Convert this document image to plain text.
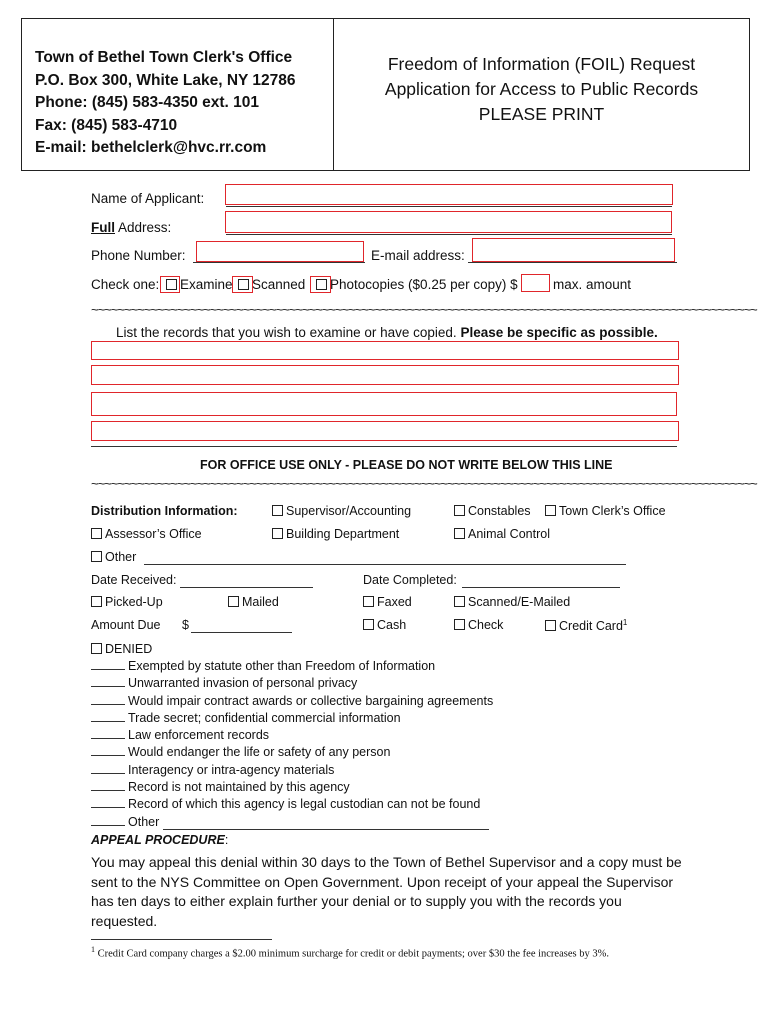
Town of Bethel Town Clerk's Office
P.O. Box 300, White Lake, NY 12786
Phone: (845) 583-4350 ext. 101
Fax: (845) 583-4710
E-mail: bethelclerk@hvc.rr.com
Freedom of Information (FOIL) Request
Application for Access to Public Records
PLEASE PRINT
Name of Applicant:
Full Address:
Phone Number:	E-mail address:
Check one:	Examine	Scanned	Photocopies ($0.25 per copy) $	max. amount
~~~~~~~~~~~~~~~~~~~~~~~~~~~~~~~~~~~~~~~~~~~~~~~~~~~~~~~~~~~~~~~~~~~~~~~~~~~~~~~~~~~~~~~~~~~~~~~~~~~~~
List the records that you wish to examine or have copied. Please be specific as possible.
FOR OFFICE USE ONLY - PLEASE DO NOT WRITE BELOW THIS LINE
~~~~~~~~~~~~~~~~~~~~~~~~~~~~~~~~~~~~~~~~~~~~~~~~~~~~~~~~~~~~~~~~~~~~~~~~~~~~~~~~~~~~~~~~~~~~~~~~~~~~~
Distribution Information:	Supervisor/Accounting	Constables	Town Clerk’s Office
Assessor’s Office	Building Department	Animal Control
Other
Date Received:	Date Completed:
Picked-Up	Mailed	Faxed	Scanned/E-Mailed
Amount Due $	Cash	Check	Credit Card$^1$
DENIED
Exempted by statute other than Freedom of Information
Unwarranted invasion of personal privacy
Would impair contract awards or collective bargaining agreements
Trade secret; confidential commercial information
Law enforcement records
Would endanger the life or safety of any person
Interagency or intra-agency materials
Record is not maintained by this agency
Record of which this agency is legal custodian can not be found
Other
APPEAL PROCEDURE:
You may appeal this denial within 30 days to the Town of Bethel Supervisor and a copy must be
sent to the NYS Committee on Open Government. Upon receipt of your appeal the Supervisor
has ten days to either explain further your denial or to supply you with the records you
requested.
$^1$ Credit Card company charges a $2.00 minimum surcharge for credit or debit payments; over $30 the fee increases by 3%.
